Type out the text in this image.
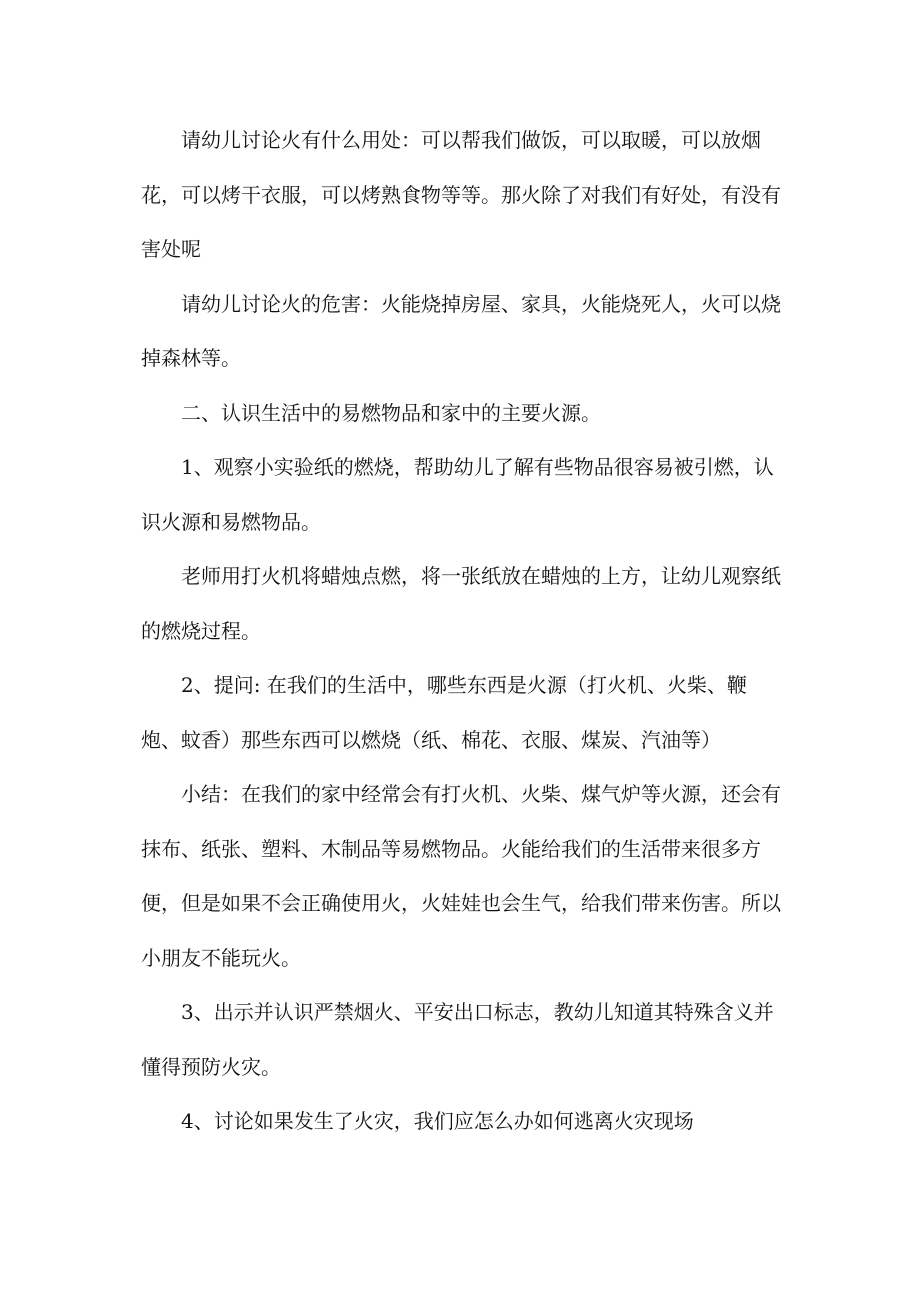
请幼儿讨论火有什么用处：可以帮我们做饭，可以取暖，可以放烟花，可以烤干衣服，可以烤熟食物等等。那火除了对我们有好处，有没有害处呢

请幼儿讨论火的危害：火能烧掉房屋、家具，火能烧死人，火可以烧掉森林等。

二、认识生活中的易燃物品和家中的主要火源。

1、观察小实验纸的燃烧，帮助幼儿了解有些物品很容易被引燃，认识火源和易燃物品。

老师用打火机将蜡烛点燃，将一张纸放在蜡烛的上方，让幼儿观察纸的燃烧过程。

2、提问: 在我们的生活中，哪些东西是火源（打火机、火柴、鞭炮、蚊香）那些东西可以燃烧（纸、棉花、衣服、煤炭、汽油等）

小结：在我们的家中经常会有打火机、火柴、煤气炉等火源，还会有抹布、纸张、塑料、木制品等易燃物品。火能给我们的生活带来很多方便，但是如果不会正确使用火，火娃娃也会生气，给我们带来伤害。所以小朋友不能玩火。

3、出示并认识严禁烟火、平安出口标志，教幼儿知道其特殊含义并懂得预防火灾。

4、讨论如果发生了火灾，我们应怎么办如何逃离火灾现场
